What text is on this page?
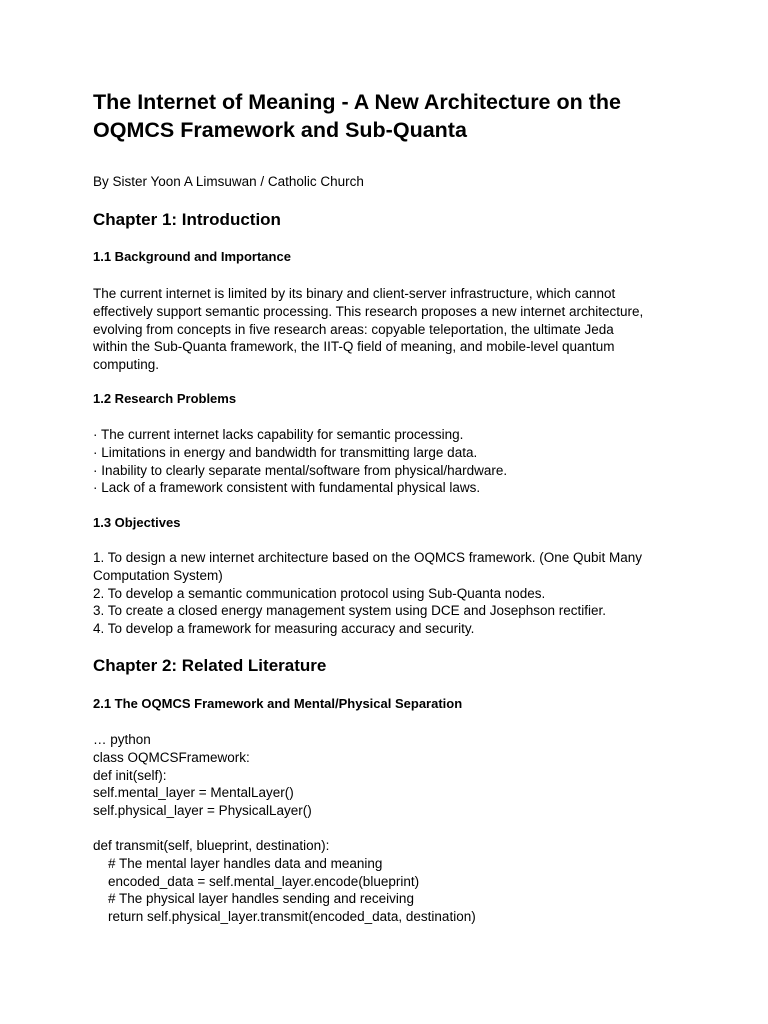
The Internet of Meaning - A New Architecture on the
OQMCS Framework and Sub-Quanta

By Sister Yoon A Limsuwan / Catholic Church

Chapter 1: Introduction
1.1 Background and Importance
The current internet is limited by its binary and client-server infrastructure, which cannot
effectively support semantic processing. This research proposes a new internet architecture,
evolving from concepts in five research areas: copyable teleportation, the ultimate Jeda
within the Sub-Quanta framework, the IIT-Q field of meaning, and mobile-level quantum
computing.
1.2 Research Problems
· The current internet lacks capability for semantic processing.
· Limitations in energy and bandwidth for transmitting large data.
· Inability to clearly separate mental/software from physical/hardware.
· Lack of a framework consistent with fundamental physical laws.
1.3 Objectives
1. To design a new internet architecture based on the OQMCS framework. (One Qubit Many
Computation System)
2. To develop a semantic communication protocol using Sub-Quanta nodes.
3. To create a closed energy management system using DCE and Josephson rectifier.
4. To develop a framework for measuring accuracy and security.
Chapter 2: Related Literature
2.1 The OQMCS Framework and Mental/Physical Separation
… python
class OQMCSFramework:
def init(self):
self.mental_layer = MentalLayer()
self.physical_layer = PhysicalLayer()
def transmit(self, blueprint, destination):
# The mental layer handles data and meaning
encoded_data = self.mental_layer.encode(blueprint)
# The physical layer handles sending and receiving
return self.physical_layer.transmit(encoded_data, destination)
